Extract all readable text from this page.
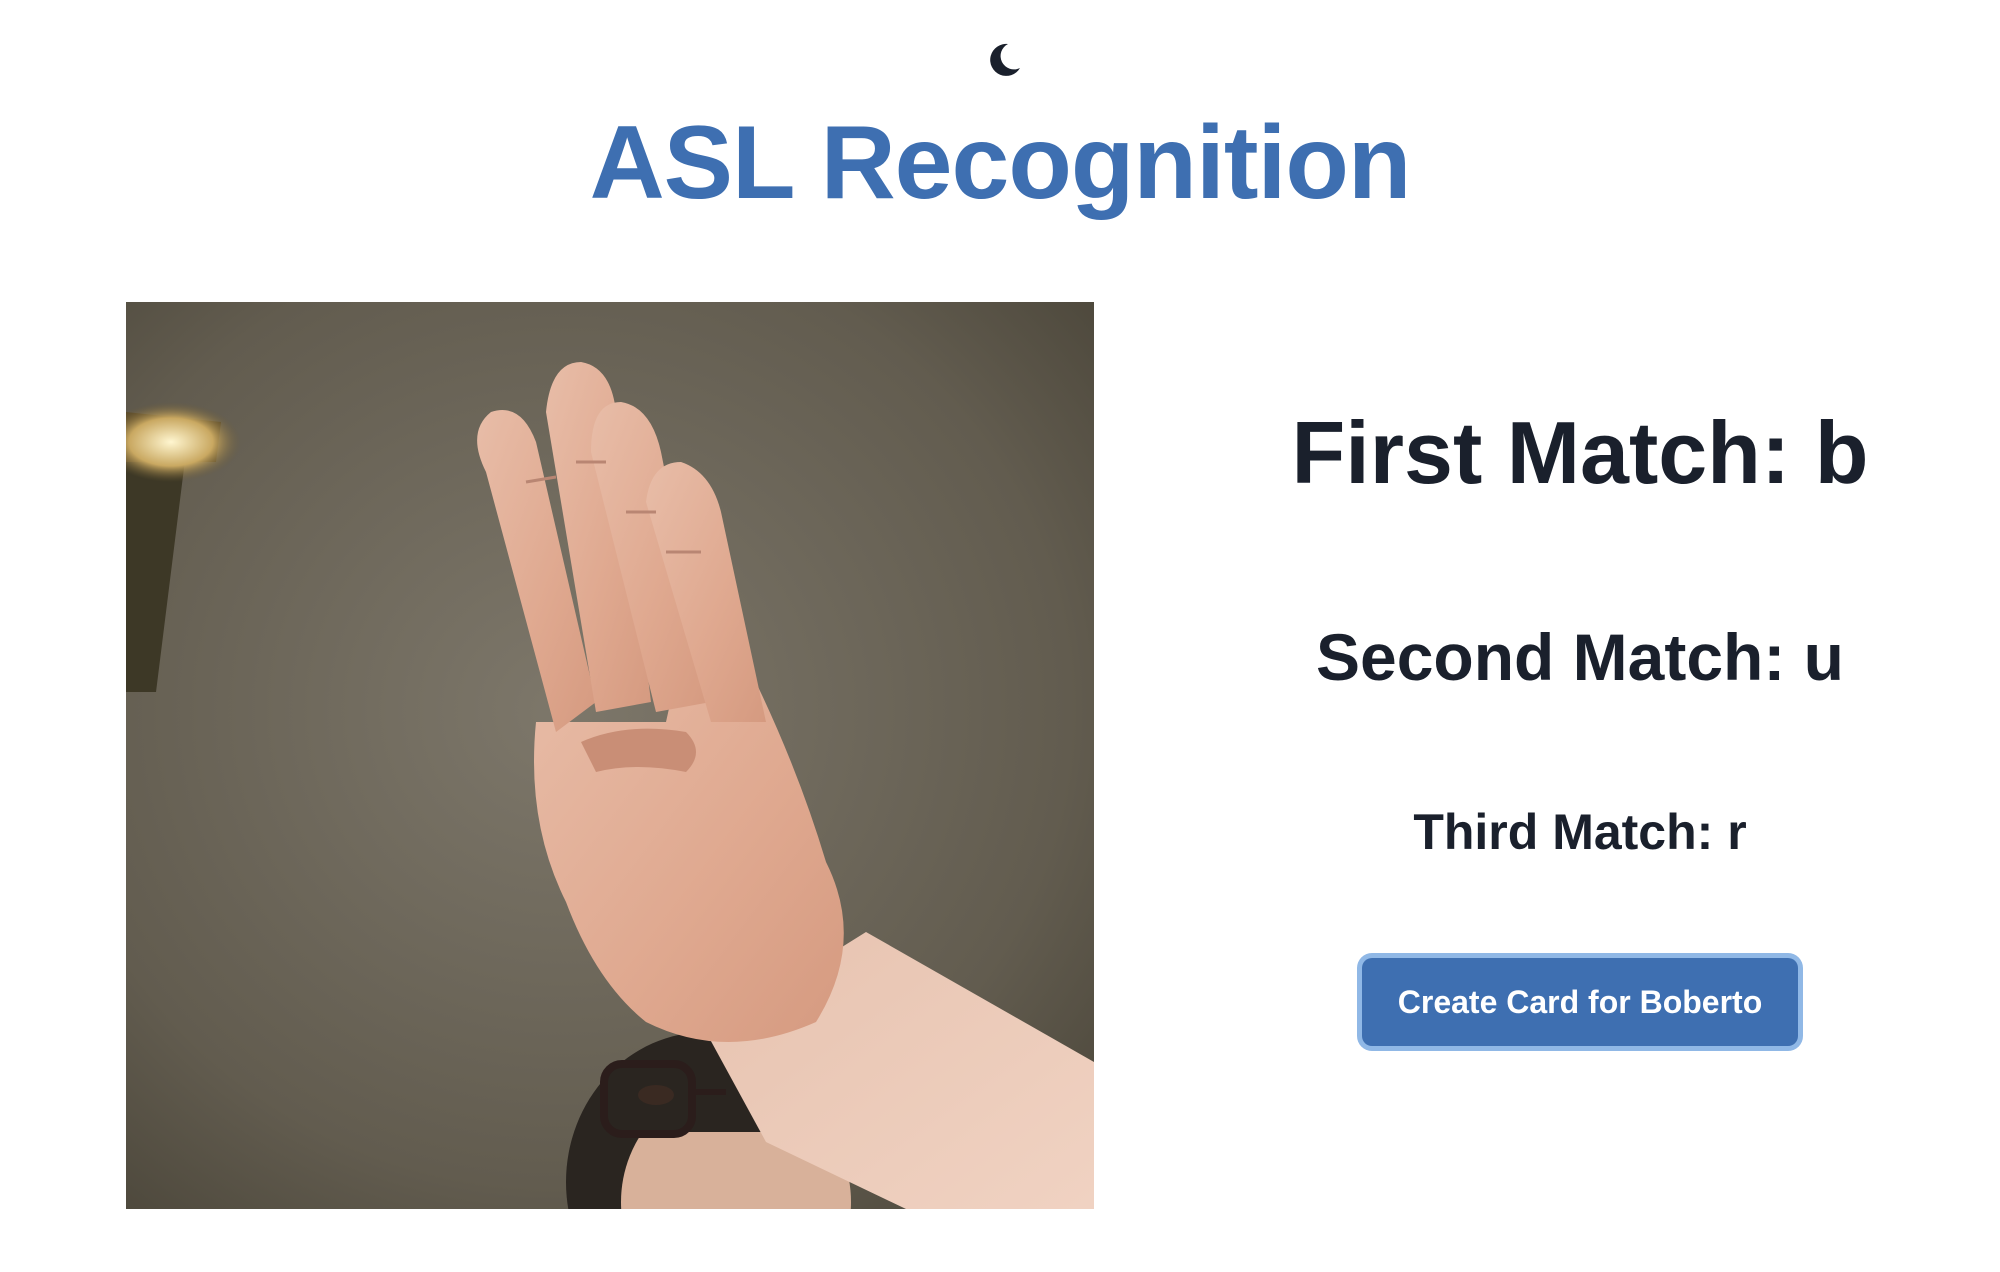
ASL Recognition
First Match: b
Second Match: u
Third Match: r
Create Card for Boberto
